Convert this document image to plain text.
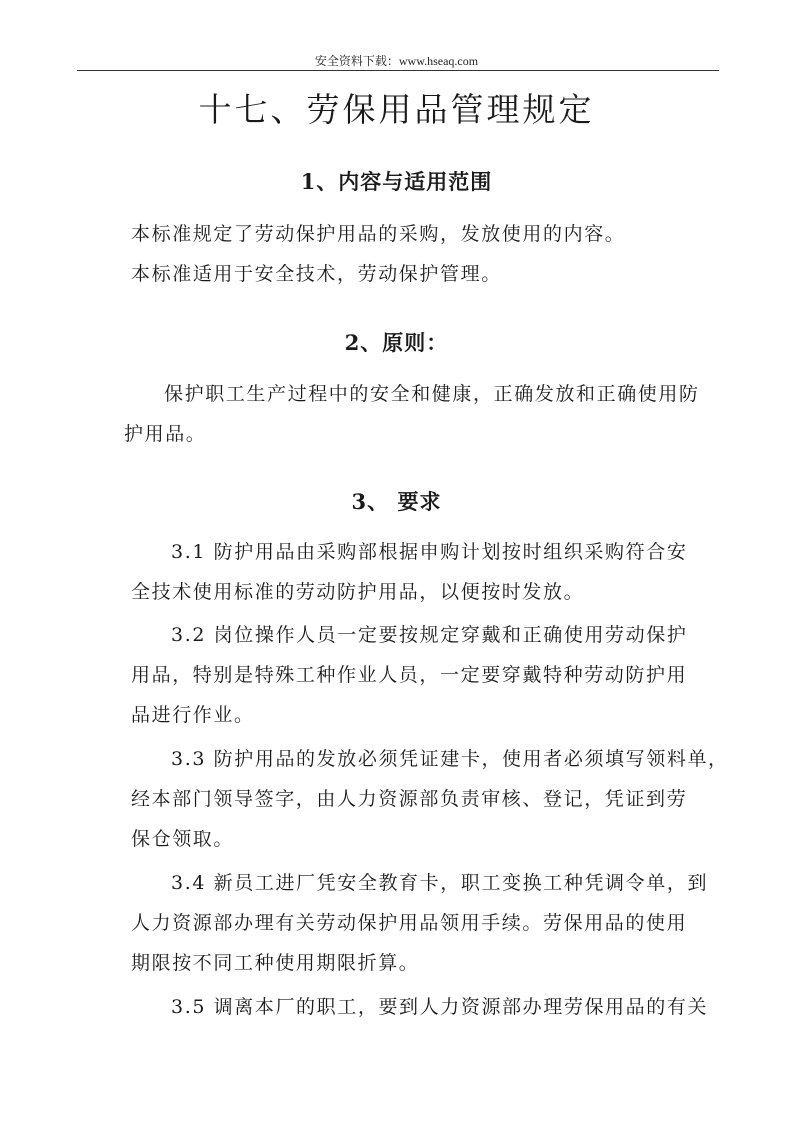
安全资料下载：www.hseaq.com
十七、劳保用品管理规定
1、内容与适用范围
本标准规定了劳动保护用品的采购，发放使用的内容。
本标准适用于安全技术，劳动保护管理。
2、原则：
保护职工生产过程中的安全和健康，正确发放和正确使用防
护用品。
3、 要求
3.1 防护用品由采购部根据申购计划按时组织采购符合安
全技术使用标准的劳动防护用品，以便按时发放。
3.2 岗位操作人员一定要按规定穿戴和正确使用劳动保护
用品，特别是特殊工种作业人员，一定要穿戴特种劳动防护用
品进行作业。
3.3 防护用品的发放必须凭证建卡，使用者必须填写领料单，
经本部门领导签字，由人力资源部负责审核、登记，凭证到劳
保仓领取。
3.4 新员工进厂凭安全教育卡，职工变换工种凭调令单，到
人力资源部办理有关劳动保护用品领用手续。劳保用品的使用
期限按不同工种使用期限折算。
3.5 调离本厂的职工，要到人力资源部办理劳保用品的有关
